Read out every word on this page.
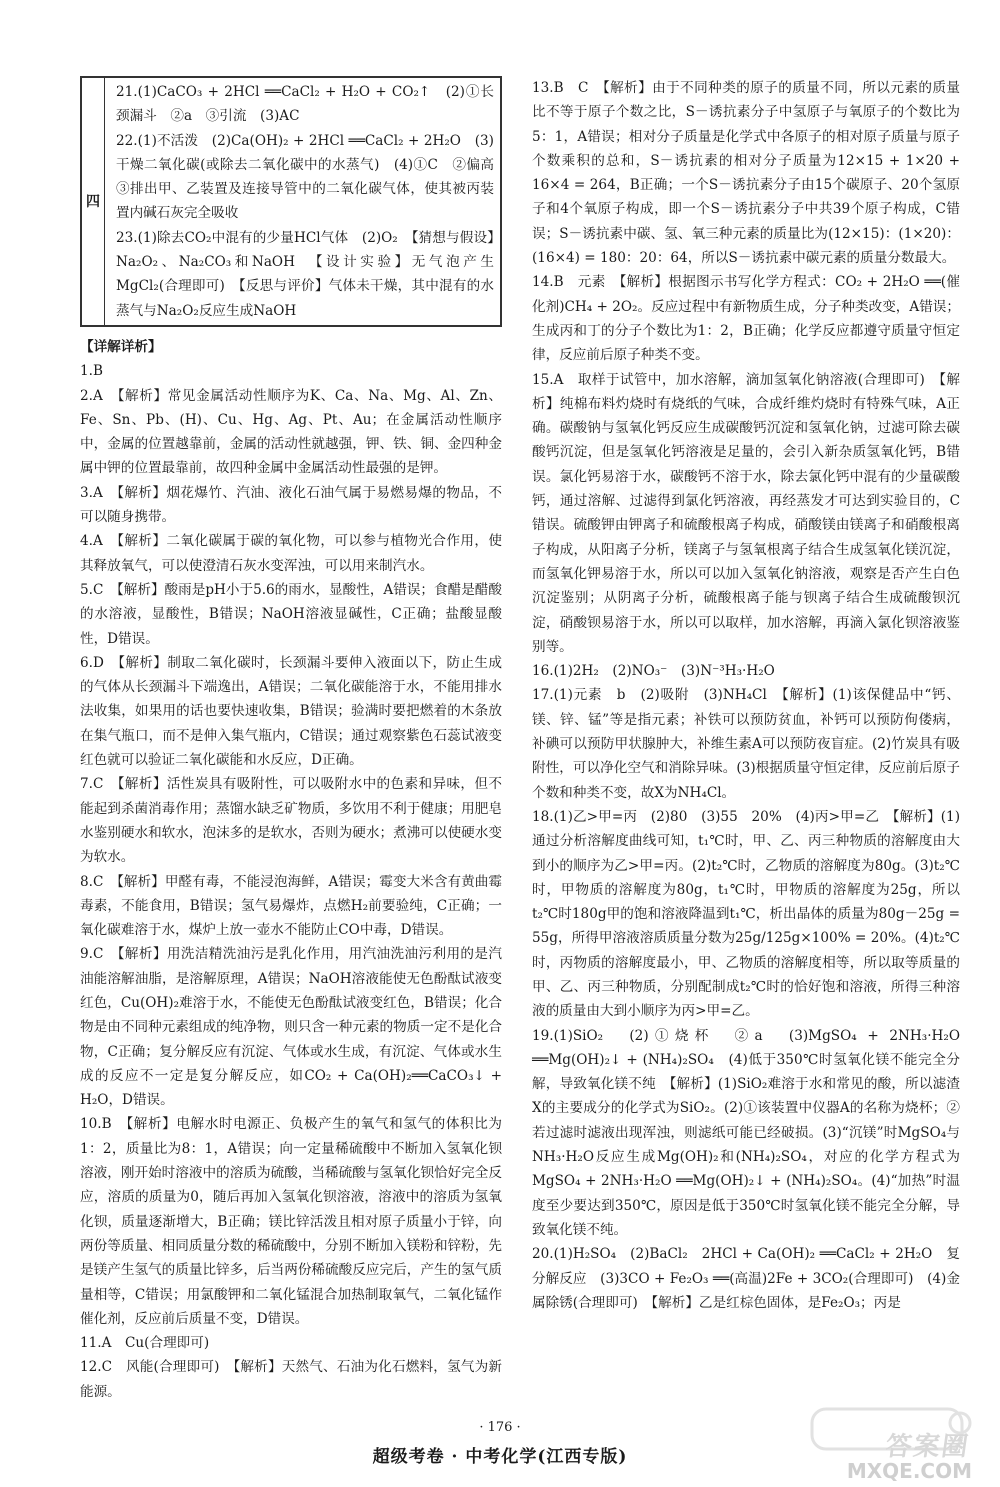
四

21.(1)CaCO₃ + 2HCl ══CaCl₂ + H₂O + CO₂↑　(2)①长颈漏斗　②a　③引流　(3)AC

22.(1)不活泼　(2)Ca(OH)₂ + 2HCl ══CaCl₂ + 2H₂O　(3)干燥二氧化碳(或除去二氧化碳中的水蒸气)　(4)①C　②偏高　③排出甲、乙装置及连接导管中的二氧化碳气体，使其被丙装置内碱石灰完全吸收

23.(1)除去CO₂中混有的少量HCl气体　(2)O₂　【猜想与假设】Na₂O₂、Na₂CO₃和NaOH　【设计实验】无气泡产生　MgCl₂(合理即可)　【反思与评价】气体未干燥，其中混有的水蒸气与Na₂O₂反应生成NaOH

【详解详析】

1.B

2.A　【解析】常见金属活动性顺序为K、Ca、Na、Mg、Al、Zn、Fe、Sn、Pb、(H)、Cu、Hg、Ag、Pt、Au；在金属活动性顺序中，金属的位置越靠前，金属的活动性就越强，钾、铁、铜、金四种金属中钾的位置最靠前，故四种金属中金属活动性最强的是钾。

3.A　【解析】烟花爆竹、汽油、液化石油气属于易燃易爆的物品，不可以随身携带。

4.A　【解析】二氧化碳属于碳的氧化物，可以参与植物光合作用，使其释放氧气，可以使澄清石灰水变浑浊，可以用来制汽水。

5.C　【解析】酸雨是pH小于5.6的雨水，显酸性，A错误；食醋是醋酸的水溶液，显酸性，B错误；NaOH溶液显碱性，C正确；盐酸显酸性，D错误。

6.D　【解析】制取二氧化碳时，长颈漏斗要伸入液面以下，防止生成的气体从长颈漏斗下端逸出，A错误；二氧化碳能溶于水，不能用排水法收集，如果用的话也要快速收集，B错误；验满时要把燃着的木条放在集气瓶口，而不是伸入集气瓶内，C错误；通过观察紫色石蕊试液变红色就可以验证二氧化碳能和水反应，D正确。

7.C　【解析】活性炭具有吸附性，可以吸附水中的色素和异味，但不能起到杀菌消毒作用；蒸馏水缺乏矿物质，多饮用不利于健康；用肥皂水鉴别硬水和软水，泡沫多的是软水，否则为硬水；煮沸可以使硬水变为软水。

8.C　【解析】甲醛有毒，不能浸泡海鲜，A错误；霉变大米含有黄曲霉毒素，不能食用，B错误；氢气易爆炸，点燃H₂前要验纯，C正确；一氧化碳难溶于水，煤炉上放一壶水不能防止CO中毒，D错误。

9.C　【解析】用洗洁精洗油污是乳化作用，用汽油洗油污利用的是汽油能溶解油脂，是溶解原理，A错误；NaOH溶液能使无色酚酞试液变红色，Cu(OH)₂难溶于水，不能使无色酚酞试液变红色，B错误；化合物是由不同种元素组成的纯净物，则只含一种元素的物质一定不是化合物，C正确；复分解反应有沉淀、气体或水生成，有沉淀、气体或水生成的反应不一定是复分解反应，如CO₂ + Ca(OH)₂══CaCO₃↓ + H₂O，D错误。

10.B　【解析】电解水时电源正、负极产生的氧气和氢气的体积比为1：2，质量比为8：1，A错误；向一定量稀硫酸中不断加入氢氧化钡溶液，刚开始时溶液中的溶质为硫酸，当稀硫酸与氢氧化钡恰好完全反应，溶质的质量为0，随后再加入氢氧化钡溶液，溶液中的溶质为氢氧化钡，质量逐渐增大，B正确；镁比锌活泼且相对原子质量小于锌，向两份等质量、相同质量分数的稀硫酸中，分别不断加入镁粉和锌粉，先是镁产生氢气的质量比锌多，后当两份稀硫酸反应完后，产生的氢气质量相等，C错误；用氯酸钾和二氧化锰混合加热制取氧气，二氧化锰作催化剂，反应前后质量不变，D错误。

11.A　Cu(合理即可)

12.C　风能(合理即可)　【解析】天然气、石油为化石燃料，氢气为新能源。

13.B　C　【解析】由于不同种类的原子的质量不同，所以元素的质量比不等于原子个数之比，S－诱抗素分子中氢原子与氧原子的个数比为5：1，A错误；相对分子质量是化学式中各原子的相对原子质量与原子个数乘积的总和，S－诱抗素的相对分子质量为12×15 + 1×20 + 16×4 = 264，B正确；一个S－诱抗素分子由15个碳原子、20个氢原子和4个氧原子构成，即一个S－诱抗素分子中共39个原子构成，C错误；S－诱抗素中碳、氢、氧三种元素的质量比为(12×15)：(1×20)：(16×4) = 180：20：64，所以S－诱抗素中碳元素的质量分数最大。

14.B　元素　【解析】根据图示书写化学方程式：CO₂ + 2H₂O ══(催化剂)CH₄ + 2O₂。反应过程中有新物质生成，分子种类改变，A错误；生成丙和丁的分子个数比为1：2，B正确；化学反应都遵守质量守恒定律，反应前后原子种类不变。

15.A　取样于试管中，加水溶解，滴加氢氧化钠溶液(合理即可)　【解析】纯棉布料灼烧时有烧纸的气味，合成纤维灼烧时有特殊气味，A正确。碳酸钠与氢氧化钙反应生成碳酸钙沉淀和氢氧化钠，过滤可除去碳酸钙沉淀，但是氢氧化钙溶液是足量的，会引入新杂质氢氧化钙，B错误。氯化钙易溶于水，碳酸钙不溶于水，除去氯化钙中混有的少量碳酸钙，通过溶解、过滤得到氯化钙溶液，再经蒸发才可达到实验目的，C错误。硫酸钾由钾离子和硫酸根离子构成，硝酸镁由镁离子和硝酸根离子构成，从阳离子分析，镁离子与氢氧根离子结合生成氢氧化镁沉淀，而氢氧化钾易溶于水，所以可以加入氢氧化钠溶液，观察是否产生白色沉淀鉴别；从阴离子分析，硫酸根离子能与钡离子结合生成硫酸钡沉淀，硝酸钡易溶于水，所以可以取样，加水溶解，再滴入氯化钡溶液鉴别等。

16.(1)2H₂　(2)NO₃⁻　(3)N⁻³H₃·H₂O

17.(1)元素　b　(2)吸附　(3)NH₄Cl　【解析】(1)该保健品中“钙、镁、锌、锰”等是指元素；补铁可以预防贫血，补钙可以预防佝偻病，补碘可以预防甲状腺肿大，补维生素A可以预防夜盲症。(2)竹炭具有吸附性，可以净化空气和消除异味。(3)根据质量守恒定律，反应前后原子个数和种类不变，故X为NH₄Cl。

18.(1)乙>甲=丙　(2)80　(3)55　20%　(4)丙>甲=乙　【解析】(1)通过分析溶解度曲线可知，t₁℃时，甲、乙、丙三种物质的溶解度由大到小的顺序为乙>甲=丙。(2)t₂℃时，乙物质的溶解度为80g。(3)t₂℃时，甲物质的溶解度为80g，t₁℃时，甲物质的溶解度为25g，所以t₂℃时180g甲的饱和溶液降温到t₁℃，析出晶体的质量为80g－25g = 55g，所得甲溶液溶质质量分数为25g/125g×100% = 20%。(4)t₂℃时，丙物质的溶解度最小，甲、乙物质的溶解度相等，所以取等质量的甲、乙、丙三种物质，分别配制成t₂℃时的恰好饱和溶液，所得三种溶液的质量由大到小顺序为丙>甲=乙。

19.(1)SiO₂　(2)①烧杯　②a　(3)MgSO₄ + 2NH₃·H₂O ══Mg(OH)₂↓ + (NH₄)₂SO₄　(4)低于350℃时氢氧化镁不能完全分解，导致氧化镁不纯　【解析】(1)SiO₂难溶于水和常见的酸，所以滤渣X的主要成分的化学式为SiO₂。(2)①该装置中仪器A的名称为烧杯；②若过滤时滤液出现浑浊，则滤纸可能已经破损。(3)“沉镁”时MgSO₄与NH₃·H₂O反应生成Mg(OH)₂和(NH₄)₂SO₄，对应的化学方程式为MgSO₄ + 2NH₃·H₂O ══Mg(OH)₂↓ + (NH₄)₂SO₄。(4)“加热”时温度至少要达到350℃，原因是低于350℃时氢氧化镁不能完全分解，导致氧化镁不纯。

20.(1)H₂SO₄　(2)BaCl₂　2HCl + Ca(OH)₂ ══CaCl₂ + 2H₂O　复分解反应　(3)3CO + Fe₂O₃ ══(高温)2Fe + 3CO₂(合理即可)　(4)金属除锈(合理即可)　【解析】乙是红棕色固体，是Fe₂O₃；丙是

· 176 ·
超级考卷 · 中考化学(江西专版)	答案圈
MXQE.COM
